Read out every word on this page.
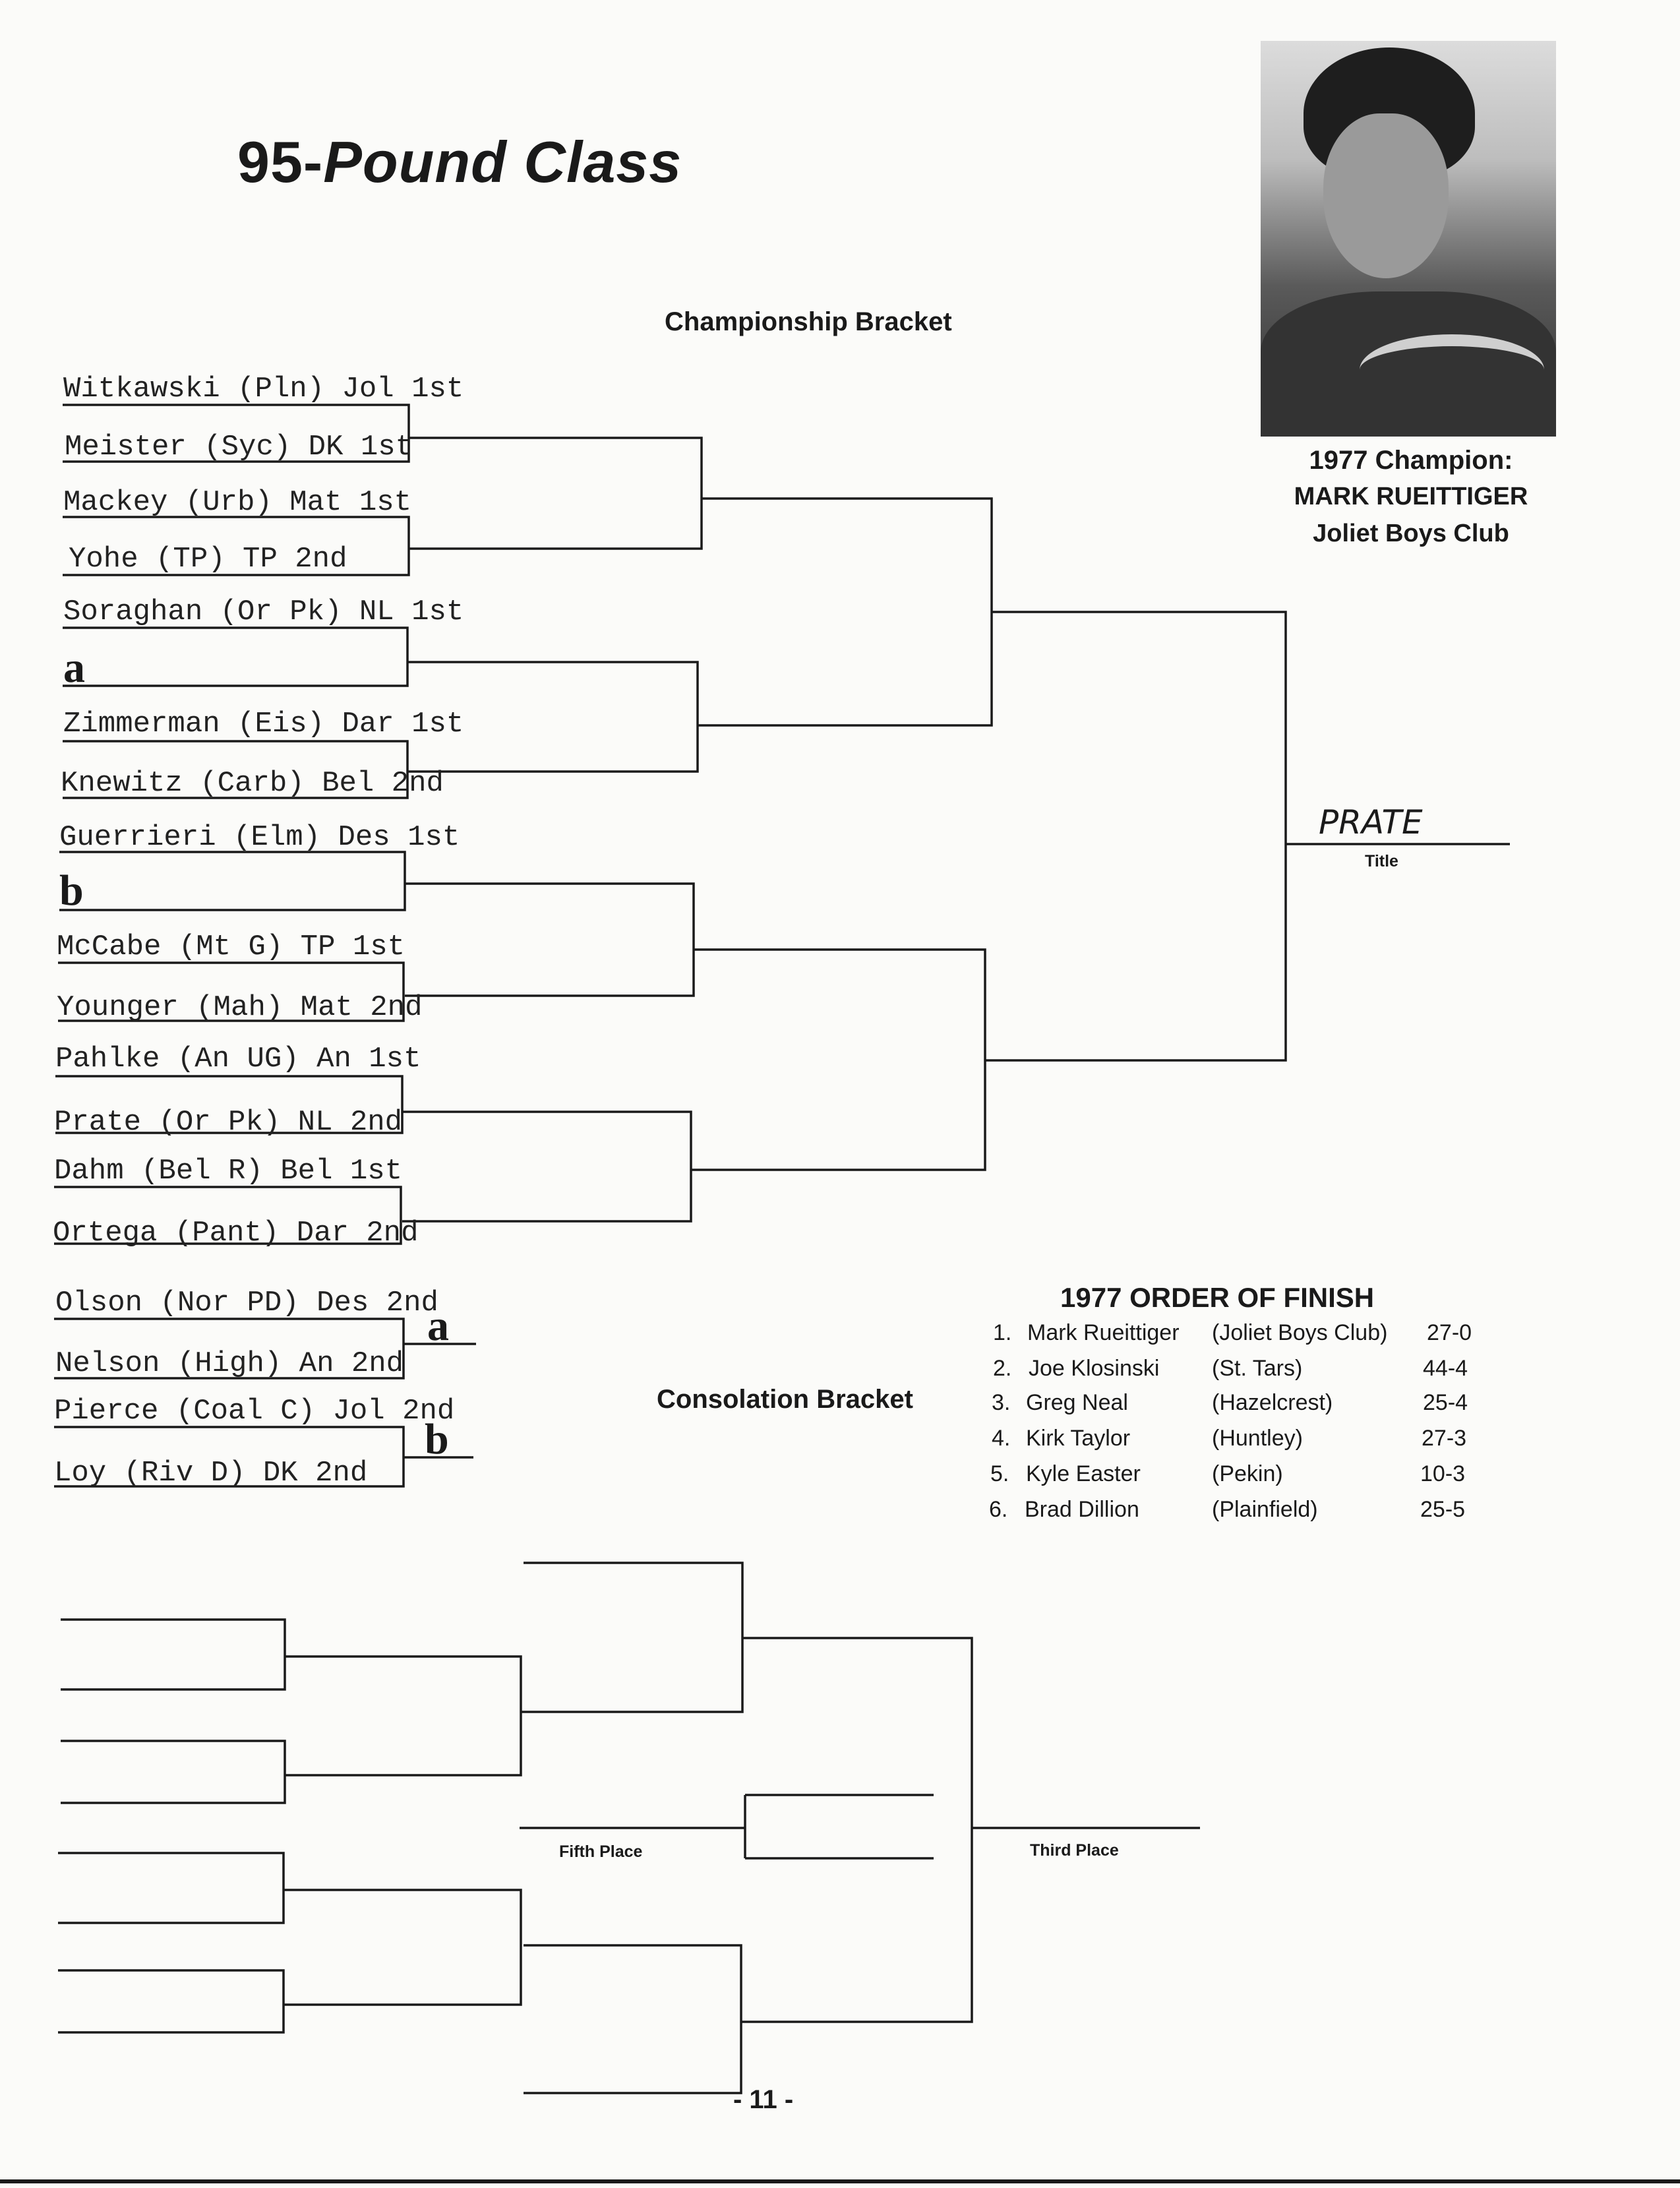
95-Pound Class
1977 Champion:
MARK RUEITTIGER
Joliet Boys Club
Championship Bracket
Consolation Bracket
Witkawski (Pln) Jol 1st
Meister (Syc) DK 1st
Mackey (Urb) Mat 1st
Yohe (TP) TP 2nd
Soraghan (Or Pk) NL 1st
a
Zimmerman (Eis) Dar 1st
Knewitz (Carb) Bel 2nd
Guerrieri (Elm) Des 1st
b
McCabe (Mt G) TP 1st
Younger (Mah) Mat 2nd
Pahlke (An UG) An 1st
Prate (Or Pk) NL 2nd
Dahm (Bel R) Bel 1st
Ortega (Pant) Dar 2nd
PRATE
Title
Olson (Nor PD) Des 2nd
Nelson (High) An 2nd
Pierce (Coal C) Jol 2nd
Loy (Riv D) DK 2nd
a
b
1977 ORDER OF FINISH
1. Mark Rueittiger (Joliet Boys Club) 27-0
2. Joe Klosinski (St. Tars)	44-4
3. Greg Neal	(Hazelcrest)	25-4
4. Kirk Taylor	(Huntley)	27-3
5. Kyle Easter	(Pekin)	10-3
6. Brad Dillion	(Plainfield)	25-5
Fifth Place	Third Place
- 11 -
